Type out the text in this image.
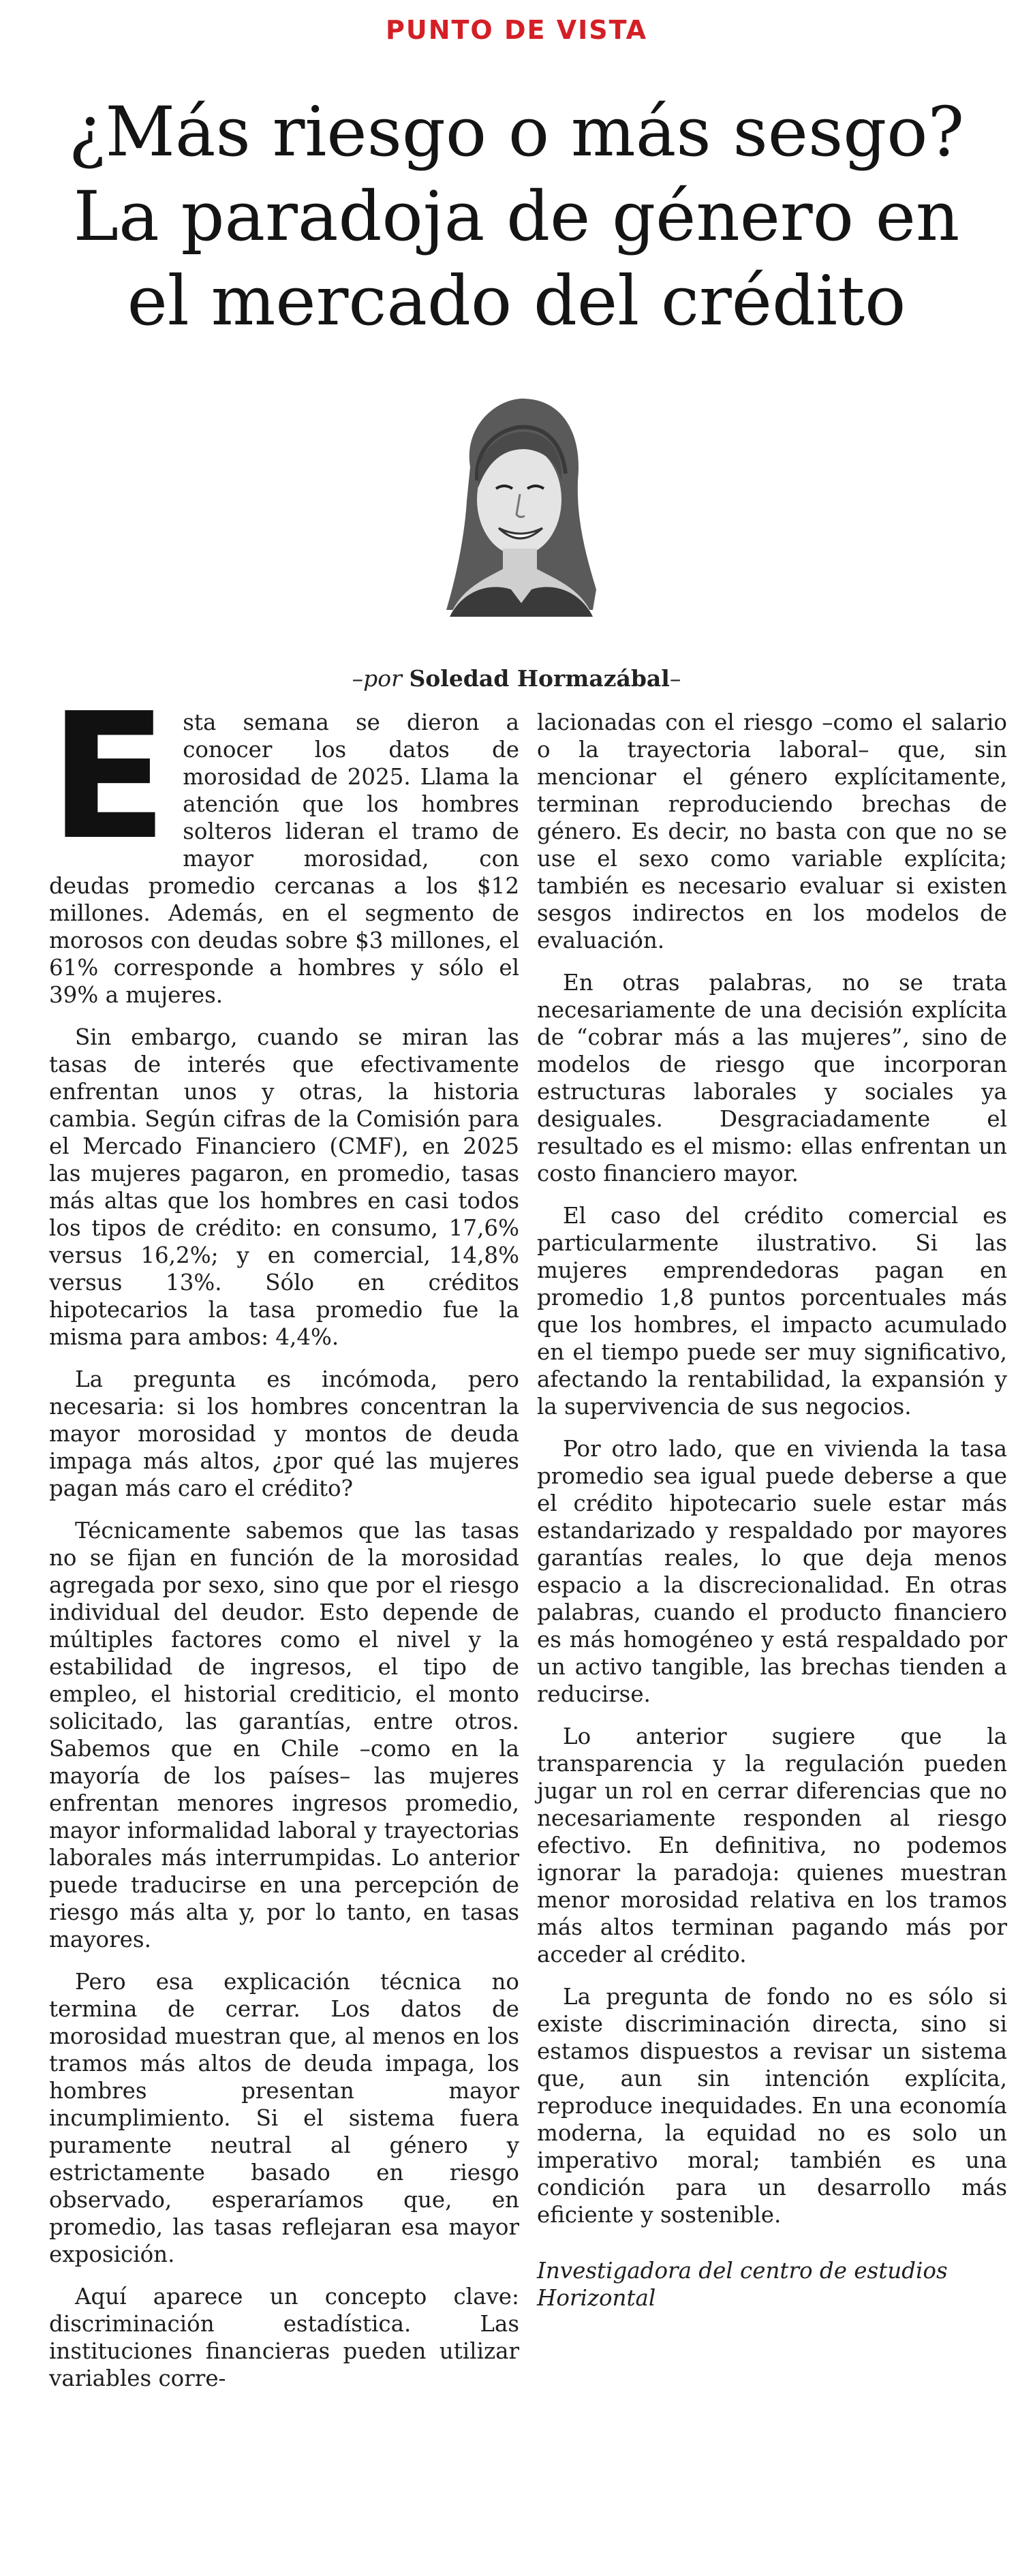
PUNTO DE VISTA
¿Más riesgo o más sesgo?
La paradoja de género en
el mercado del crédito
–por Soledad Hormazábal–

Esta semana se dieron a conocer los datos de morosidad de 2025. Llama la atención que los hombres solteros lideran el tramo de mayor morosidad, con deudas promedio cercanas a los $12 millones. Además, en el segmento de morosos con deudas sobre $3 millones, el 61% corresponde a hombres y sólo el 39% a mujeres.

Sin embargo, cuando se miran las tasas de interés que efectivamente enfrentan unos y otras, la historia cambia. Según cifras de la Comisión para el Mercado Financiero (CMF), en 2025 las mujeres pagaron, en promedio, tasas más altas que los hombres en casi todos los tipos de crédito: en consumo, 17,6% versus 16,2%; y en comercial, 14,8% versus 13%. Sólo en créditos hipotecarios la tasa promedio fue la misma para ambos: 4,4%.

La pregunta es incómoda, pero necesaria: si los hombres concentran la mayor morosidad y montos de deuda impaga más altos, ¿por qué las mujeres pagan más caro el crédito?

Técnicamente sabemos que las tasas no se fijan en función de la morosidad agregada por sexo, sino que por el riesgo individual del deudor. Esto depende de múltiples factores como el nivel y la estabilidad de ingresos, el tipo de empleo, el historial crediticio, el monto solicitado, las garantías, entre otros. Sabemos que en Chile –como en la mayoría de los países– las mujeres enfrentan menores ingresos promedio, mayor informalidad laboral y trayectorias laborales más interrumpidas. Lo anterior puede traducirse en una percepción de riesgo más alta y, por lo tanto, en tasas mayores.

Pero esa explicación técnica no termina de cerrar. Los datos de morosidad muestran que, al menos en los tramos más altos de deuda impaga, los hombres presentan mayor incumplimiento. Si el sistema fuera puramente neutral al género y estrictamente basado en riesgo observado, esperaríamos que, en promedio, las tasas reflejaran esa mayor exposición.

Aquí aparece un concepto clave: discriminación estadística. Las instituciones financieras pueden utilizar variables corre-

lacionadas con el riesgo –como el salario o la trayectoria laboral– que, sin mencionar el género explícitamente, terminan reproduciendo brechas de género. Es decir, no basta con que no se use el sexo como variable explícita; también es necesario evaluar si existen sesgos indirectos en los modelos de evaluación.

En otras palabras, no se trata necesariamente de una decisión explícita de “cobrar más a las mujeres”, sino de modelos de riesgo que incorporan estructuras laborales y sociales ya desiguales. Desgraciadamente el resultado es el mismo: ellas enfrentan un costo financiero mayor.

El caso del crédito comercial es particularmente ilustrativo. Si las mujeres emprendedoras pagan en promedio 1,8 puntos porcentuales más que los hombres, el impacto acumulado en el tiempo puede ser muy significativo, afectando la rentabilidad, la expansión y la supervivencia de sus negocios.

Por otro lado, que en vivienda la tasa promedio sea igual puede deberse a que el crédito hipotecario suele estar más estandarizado y respaldado por mayores garantías reales, lo que deja menos espacio a la discrecionalidad. En otras palabras, cuando el producto financiero es más homogéneo y está respaldado por un activo tangible, las brechas tienden a reducirse.

Lo anterior sugiere que la transparencia y la regulación pueden jugar un rol en cerrar diferencias que no necesariamente responden al riesgo efectivo. En definitiva, no podemos ignorar la paradoja: quienes muestran menor morosidad relativa en los tramos más altos terminan pagando más por acceder al crédito.

La pregunta de fondo no es sólo si existe discriminación directa, sino si estamos dispuestos a revisar un sistema que, aun sin intención explícita, reproduce inequidades. En una economía moderna, la equidad no es solo un imperativo moral; también es una condición para un desarrollo más eficiente y sostenible.

Investigadora del centro de estudios
Horizontal
